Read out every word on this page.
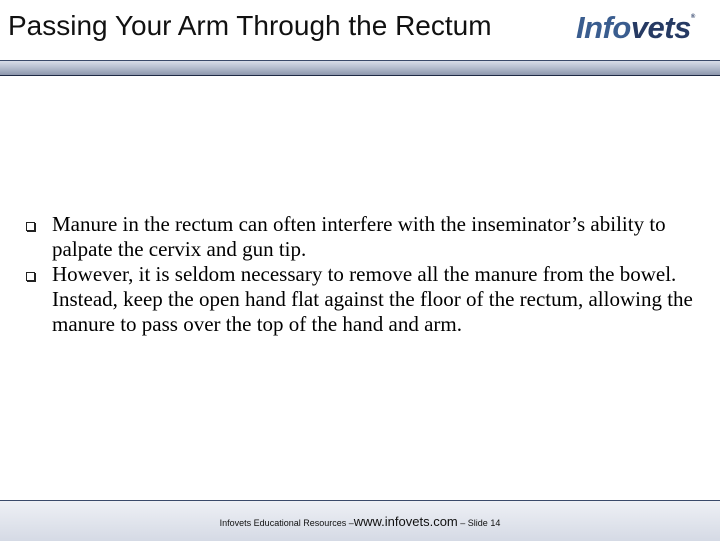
Passing Your Arm Through the Rectum	Infovets®
Manure in the rectum can often interfere with the inseminator’s ability to palpate the cervix and gun tip.
However, it is seldom necessary to remove all the manure from the bowel. Instead, keep the open hand flat against the floor of the rectum, allowing the manure to pass over the top of the hand and arm.
Infovets Educational Resources –www.infovets.com – Slide 14
